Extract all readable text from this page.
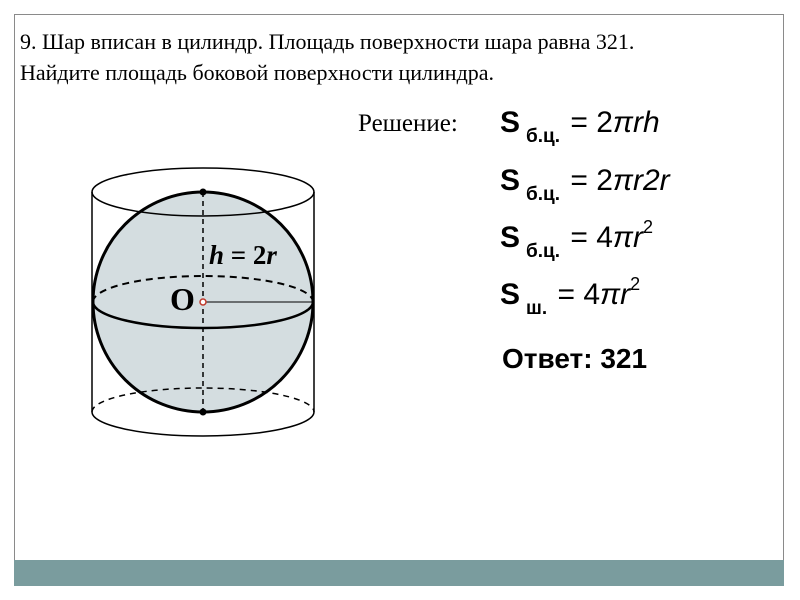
9. Шар вписан в цилиндр. Площадь поверхности шара равна 321.
Найдите площадь боковой поверхности цилиндра.
h = 2r
O
Решение: S $_{б.ц.}$ = 2πrh
S $_{б.ц.}$ = 2πr2r
S $_{б.ц.} = 4\pi r^2$
S $_{ш.} = 4\pi r^2$
Ответ: 321
